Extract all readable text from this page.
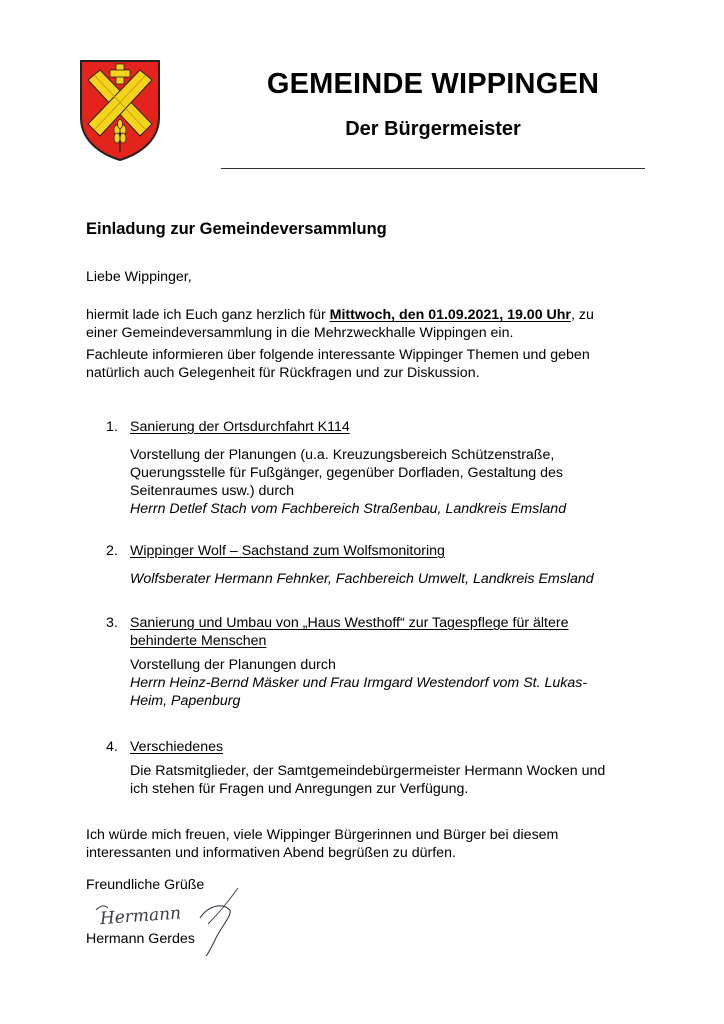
GEMEINDE WIPPINGEN
Der Bürgermeister
Einladung zur Gemeindeversammlung
Liebe Wippinger,
hiermit lade ich Euch ganz herzlich für Mittwoch, den 01.09.2021, 19.00 Uhr, zu
einer Gemeindeversammlung in die Mehrzweckhalle Wippingen ein.
Fachleute informieren über folgende interessante Wippinger Themen und geben
natürlich auch Gelegenheit für Rückfragen und zur Diskussion.
1. Sanierung der Ortsdurchfahrt K114
Vorstellung der Planungen (u.a. Kreuzungsbereich Schützenstraße,
Querungsstelle für Fußgänger, gegenüber Dorfladen, Gestaltung des
Seitenraumes usw.) durch
Herrn Detlef Stach vom Fachbereich Straßenbau, Landkreis Emsland
2. Wippinger Wolf – Sachstand zum Wolfsmonitoring
Wolfsberater Hermann Fehnker, Fachbereich Umwelt, Landkreis Emsland
3. Sanierung und Umbau von „Haus Westhoff“ zur Tagespflege für ältere
behinderte Menschen
Vorstellung der Planungen durch
Herrn Heinz-Bernd Mäsker und Frau Irmgard Westendorf vom St. Lukas-
Heim, Papenburg
4. Verschiedenes
Die Ratsmitglieder, der Samtgemeindebürgermeister Hermann Wocken und
ich stehen für Fragen und Anregungen zur Verfügung.
Ich würde mich freuen, viele Wippinger Bürgerinnen und Bürger bei diesem
interessanten und informativen Abend begrüßen zu dürfen.
Freundliche Grüße
Hermann
Hermann Gerdes
